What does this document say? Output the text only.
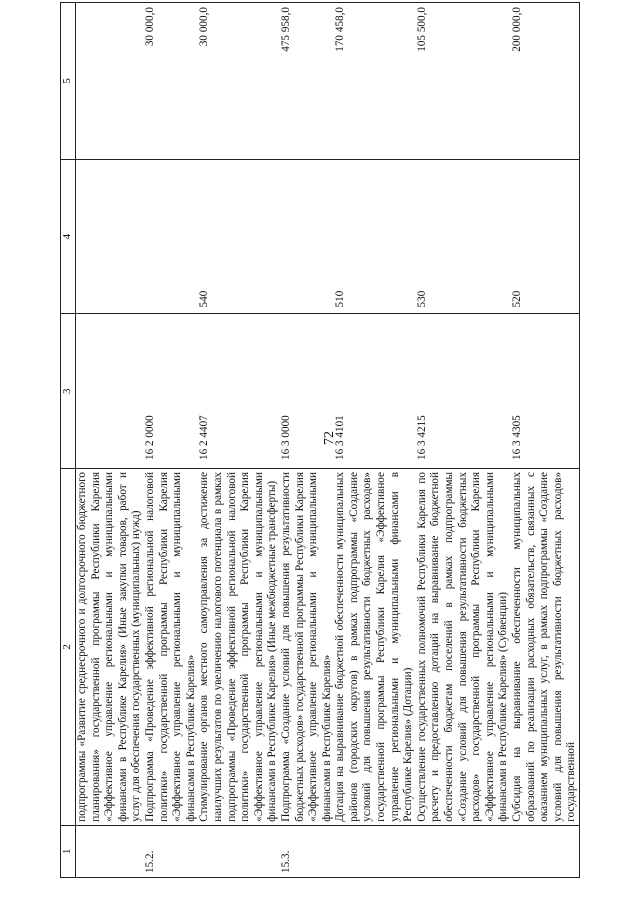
72
1	2	3	4	5
	подпрограммы «Развитие среднесрочного и долгосрочного бюджетного планирования» государственной программы Республики Карелия «Эффективное управление региональными и муниципальными финансами в Республике Карелия» (Иные закупки товаров, работ и услуг для обеспечения государственных (муниципальных) нужд)			
15.2.	Подпрограмма «Проведение эффективной региональной налоговой политики» государственной программы Республики Карелия «Эффективное управление региональными и муниципальными финансами в Республике Карелия»	16 2 0000		30 000,0
	Стимулирование органов местного самоуправления за достижение наилучших результатов по увеличению налогового потенциала в рамках подпрограммы «Проведение эффективной региональной налоговой политики» государственной программы Республики Карелия «Эффективное управление региональными и муниципальными финансами в Республике Карелия» (Иные межбюджетные трансферты)	16 2 4407	540	30 000,0
15.3.	Подпрограмма «Создание условий для повышения результативности бюджетных расходов» государственной программы Республики Карелия «Эффективное управление региональными и муниципальными финансами в Республике Карелия»	16 3 0000		475 958,0
	Дотация на выравнивание бюджетной обеспеченности муниципальных районов (городских округов) в рамках подпрограммы «Создание условий для повышения результативности бюджетных расходов» государственной программы Республики Карелия «Эффективное управление региональными и муниципальными финансами в Республике Карелия» (Дотации)	16 3 4101	510	170 458,0
	Осуществление государственных полномочий Республики Карелия по расчету и предоставлению дотаций на выравнивание бюджетной обеспеченности бюджетам поселений в рамках подпрограммы «Создание условий для повышения результативности бюджетных расходов» государственной программы Республики Карелия «Эффективное управление региональными и муниципальными финансами в Республике Карелия» (Субвенции)	16 3 4215	530	105 500,0
	Субсидия на выравнивание обеспеченности муниципальных образований по реализации расходных обязательств, связанных с оказанием муниципальных услуг, в рамках подпрограммы «Создание условий для повышения результативности бюджетных расходов» государственной	16 3 4305	520	200 000,0
